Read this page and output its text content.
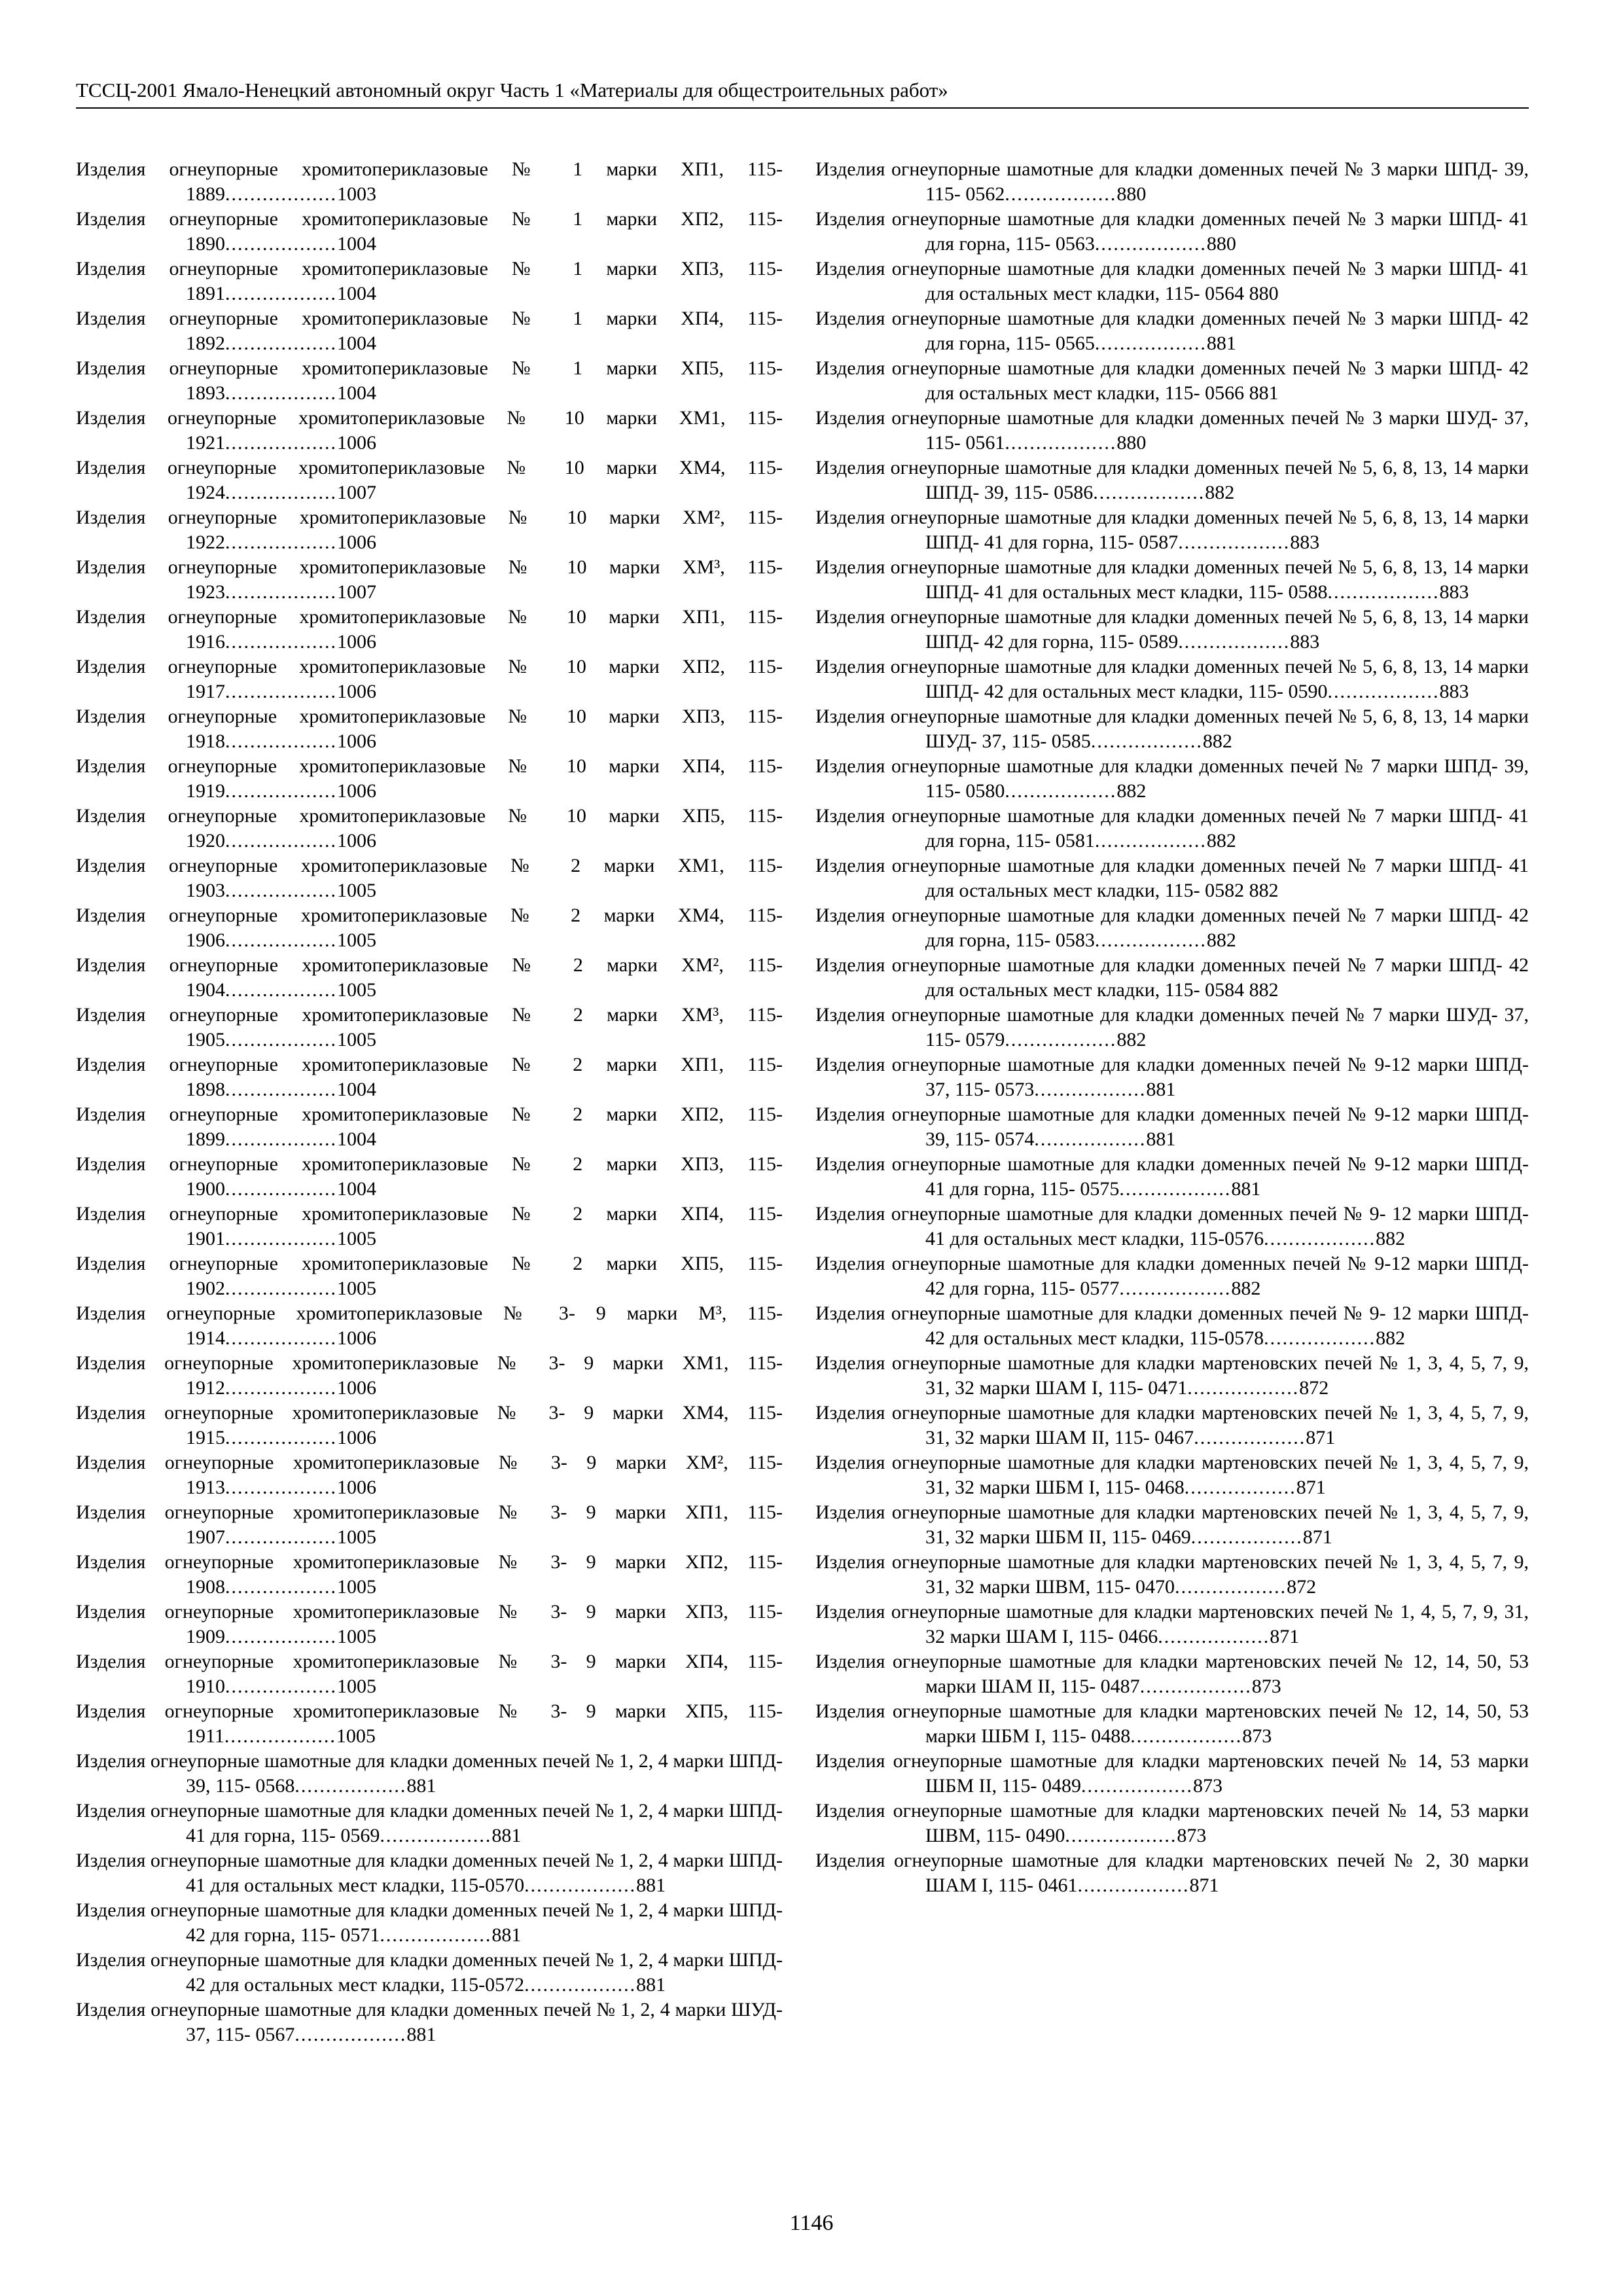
ТССЦ-2001 Ямало-Ненецкий автономный округ Часть 1 «Материалы для общестроительных работ»
Изделия огнеупорные хромитопериклазовые № 1 марки ХП1, 115-1889..................1003
Изделия огнеупорные хромитопериклазовые № 1 марки ХП2, 115-1890..................1004
Изделия огнеупорные хромитопериклазовые № 1 марки ХП3, 115-1891..................1004
Изделия огнеупорные хромитопериклазовые № 1 марки ХП4, 115-1892..................1004
Изделия огнеупорные хромитопериклазовые № 1 марки ХП5, 115-1893..................1004
Изделия огнеупорные хромитопериклазовые № 10 марки ХМ1, 115- 1921..................1006
Изделия огнеупорные хромитопериклазовые № 10 марки ХМ4, 115- 1924..................1007
Изделия огнеупорные хромитопериклазовые № 10 марки ХМ², 115- 1922..................1006
Изделия огнеупорные хромитопериклазовые № 10 марки ХМ³, 115- 1923..................1007
Изделия огнеупорные хромитопериклазовые № 10 марки ХП1, 115- 1916..................1006
Изделия огнеупорные хромитопериклазовые № 10 марки ХП2, 115- 1917..................1006
Изделия огнеупорные хромитопериклазовые № 10 марки ХП3, 115- 1918..................1006
Изделия огнеупорные хромитопериклазовые № 10 марки ХП4, 115- 1919..................1006
Изделия огнеупорные хромитопериклазовые № 10 марки ХП5, 115- 1920..................1006
Изделия огнеупорные хромитопериклазовые № 2 марки ХМ1, 115-1903..................1005
Изделия огнеупорные хромитопериклазовые № 2 марки ХМ4, 115-1906..................1005
Изделия огнеупорные хромитопериклазовые № 2 марки ХМ², 115-1904..................1005
Изделия огнеупорные хромитопериклазовые № 2 марки ХМ³, 115-1905..................1005
Изделия огнеупорные хромитопериклазовые № 2 марки ХП1, 115-1898..................1004
Изделия огнеупорные хромитопериклазовые № 2 марки ХП2, 115-1899..................1004
Изделия огнеупорные хромитопериклазовые № 2 марки ХП3, 115-1900..................1004
Изделия огнеупорные хромитопериклазовые № 2 марки ХП4, 115-1901..................1005
Изделия огнеупорные хромитопериклазовые № 2 марки ХП5, 115-1902..................1005
Изделия огнеупорные хромитопериклазовые № 3- 9 марки М³, 115-1914..................1006
Изделия огнеупорные хромитопериклазовые № 3- 9 марки ХМ1, 115- 1912..................1006
Изделия огнеупорные хромитопериклазовые № 3- 9 марки ХМ4, 115- 1915..................1006
Изделия огнеупорные хромитопериклазовые № 3- 9 марки ХМ², 115- 1913..................1006
Изделия огнеупорные хромитопериклазовые № 3- 9 марки ХП1, 115- 1907..................1005
Изделия огнеупорные хромитопериклазовые № 3- 9 марки ХП2, 115- 1908..................1005
Изделия огнеупорные хромитопериклазовые № 3- 9 марки ХП3, 115- 1909..................1005
Изделия огнеупорные хромитопериклазовые № 3- 9 марки ХП4, 115- 1910..................1005
Изделия огнеупорные хромитопериклазовые № 3- 9 марки ХП5, 115- 1911..................1005
Изделия огнеупорные шамотные для кладки доменных печей № 1, 2, 4 марки ШПД- 39, 115- 0568..................881
Изделия огнеупорные шамотные для кладки доменных печей № 1, 2, 4 марки ШПД- 41 для горна, 115- 0569..................881
Изделия огнеупорные шамотные для кладки доменных печей № 1, 2, 4 марки ШПД- 41 для остальных мест кладки, 115-0570..................881
Изделия огнеупорные шамотные для кладки доменных печей № 1, 2, 4 марки ШПД- 42 для горна, 115- 0571..................881
Изделия огнеупорные шамотные для кладки доменных печей № 1, 2, 4 марки ШПД- 42 для остальных мест кладки, 115-0572..................881
Изделия огнеупорные шамотные для кладки доменных печей № 1, 2, 4 марки ШУД- 37, 115- 0567..................881
Изделия огнеупорные шамотные для кладки доменных печей № 3 марки ШПД- 39, 115- 0562..................880
Изделия огнеупорные шамотные для кладки доменных печей № 3 марки ШПД- 41 для горна, 115- 0563..................880
Изделия огнеупорные шамотные для кладки доменных печей № 3 марки ШПД- 41 для остальных мест кладки, 115- 0564 880
Изделия огнеупорные шамотные для кладки доменных печей № 3 марки ШПД- 42 для горна, 115- 0565..................881
Изделия огнеупорные шамотные для кладки доменных печей № 3 марки ШПД- 42 для остальных мест кладки, 115- 0566 881
Изделия огнеупорные шамотные для кладки доменных печей № 3 марки ШУД- 37, 115- 0561..................880
Изделия огнеупорные шамотные для кладки доменных печей № 5, 6, 8, 13, 14 марки ШПД- 39, 115- 0586..................882
Изделия огнеупорные шамотные для кладки доменных печей № 5, 6, 8, 13, 14 марки ШПД- 41 для горна, 115- 0587..................883
Изделия огнеупорные шамотные для кладки доменных печей № 5, 6, 8, 13, 14 марки ШПД- 41 для остальных мест кладки, 115- 0588..................883
Изделия огнеупорные шамотные для кладки доменных печей № 5, 6, 8, 13, 14 марки ШПД- 42 для горна, 115- 0589..................883
Изделия огнеупорные шамотные для кладки доменных печей № 5, 6, 8, 13, 14 марки ШПД- 42 для остальных мест кладки, 115- 0590..................883
Изделия огнеупорные шамотные для кладки доменных печей № 5, 6, 8, 13, 14 марки ШУД- 37, 115- 0585..................882
Изделия огнеупорные шамотные для кладки доменных печей № 7 марки ШПД- 39, 115- 0580..................882
Изделия огнеупорные шамотные для кладки доменных печей № 7 марки ШПД- 41 для горна, 115- 0581..................882
Изделия огнеупорные шамотные для кладки доменных печей № 7 марки ШПД- 41 для остальных мест кладки, 115- 0582 882
Изделия огнеупорные шамотные для кладки доменных печей № 7 марки ШПД- 42 для горна, 115- 0583..................882
Изделия огнеупорные шамотные для кладки доменных печей № 7 марки ШПД- 42 для остальных мест кладки, 115- 0584 882
Изделия огнеупорные шамотные для кладки доменных печей № 7 марки ШУД- 37, 115- 0579..................882
Изделия огнеупорные шамотные для кладки доменных печей № 9-12 марки ШПД- 37, 115- 0573..................881
Изделия огнеупорные шамотные для кладки доменных печей № 9-12 марки ШПД- 39, 115- 0574..................881
Изделия огнеупорные шамотные для кладки доменных печей № 9-12 марки ШПД- 41 для горна, 115- 0575..................881
Изделия огнеупорные шамотные для кладки доменных печей № 9- 12 марки ШПД- 41 для остальных мест кладки, 115-0576..................882
Изделия огнеупорные шамотные для кладки доменных печей № 9-12 марки ШПД- 42 для горна, 115- 0577..................882
Изделия огнеупорные шамотные для кладки доменных печей № 9- 12 марки ШПД- 42 для остальных мест кладки, 115-0578..................882
Изделия огнеупорные шамотные для кладки мартеновских печей № 1, 3, 4, 5, 7, 9, 31, 32 марки ШАМ I, 115- 0471..................872
Изделия огнеупорные шамотные для кладки мартеновских печей № 1, 3, 4, 5, 7, 9, 31, 32 марки ШАМ II, 115- 0467..................871
Изделия огнеупорные шамотные для кладки мартеновских печей № 1, 3, 4, 5, 7, 9, 31, 32 марки ШБМ I, 115- 0468..................871
Изделия огнеупорные шамотные для кладки мартеновских печей № 1, 3, 4, 5, 7, 9, 31, 32 марки ШБМ II, 115- 0469..................871
Изделия огнеупорные шамотные для кладки мартеновских печей № 1, 3, 4, 5, 7, 9, 31, 32 марки ШВМ, 115- 0470..................872
Изделия огнеупорные шамотные для кладки мартеновских печей № 1, 4, 5, 7, 9, 31, 32 марки ШАМ I, 115- 0466..................871
Изделия огнеупорные шамотные для кладки мартеновских печей № 12, 14, 50, 53 марки ШАМ II, 115- 0487..................873
Изделия огнеупорные шамотные для кладки мартеновских печей № 12, 14, 50, 53 марки ШБМ I, 115- 0488..................873
Изделия огнеупорные шамотные для кладки мартеновских печей № 14, 53 марки ШБМ II, 115- 0489..................873
Изделия огнеупорные шамотные для кладки мартеновских печей № 14, 53 марки ШВМ, 115- 0490..................873
Изделия огнеупорные шамотные для кладки мартеновских печей № 2, 30 марки ШАМ I, 115- 0461..................871
1146
